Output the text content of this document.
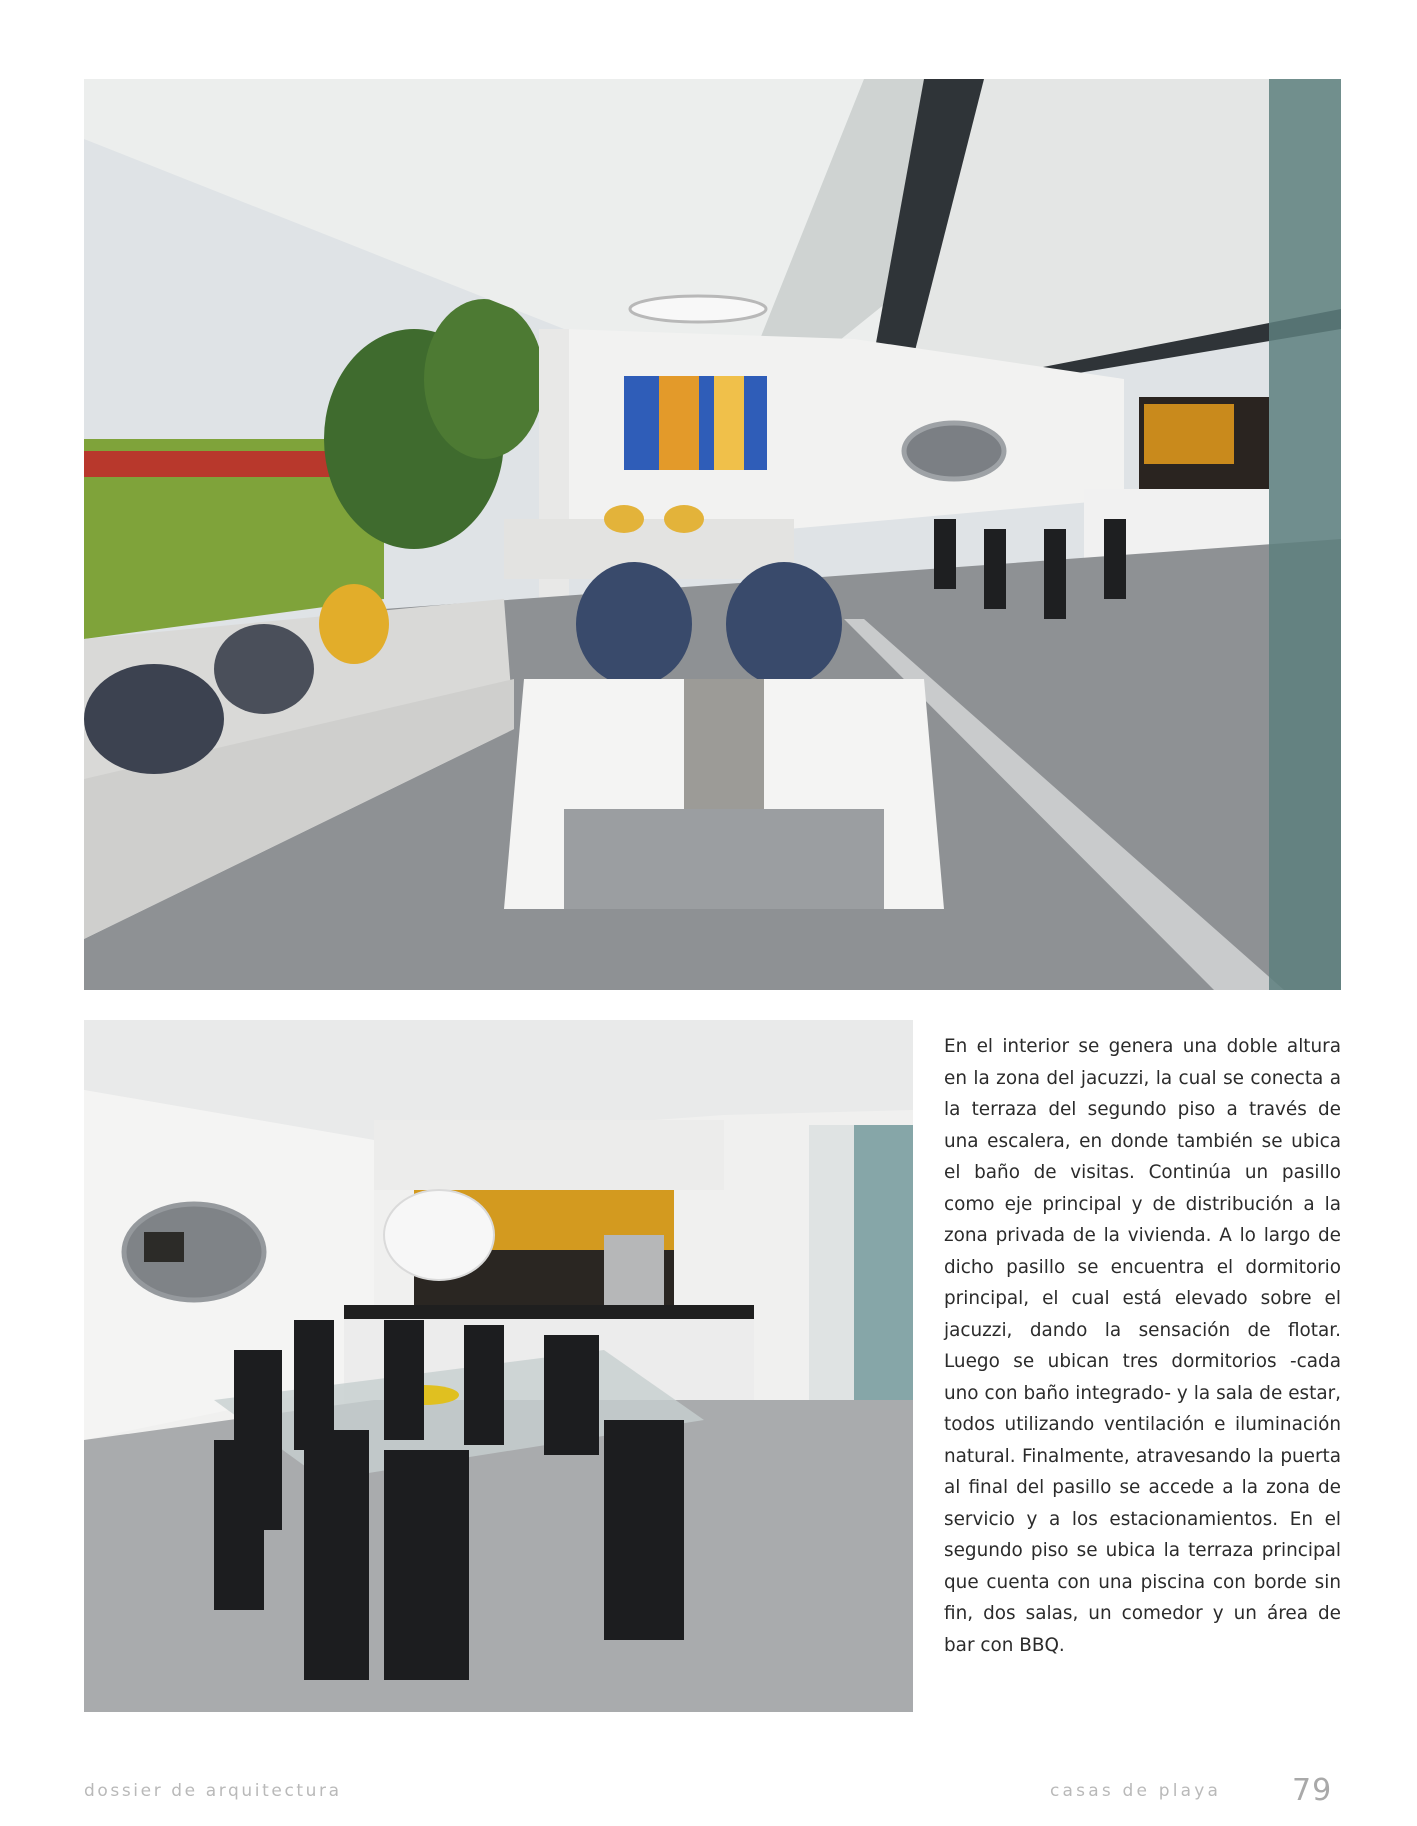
En el interior se genera una doble altura en la zona del jacuzzi, la cual se conecta a la terraza del segundo piso a través de una escalera, en donde también se ubica el baño de visitas. Continúa un pasillo como eje principal y de distribución a la zona privada de la vivienda. A lo largo de dicho pasillo se encuentra el dormitorio principal, el cual está elevado sobre el jacuzzi, dando la sensación de flotar. Luego se ubican tres dormitorios -cada uno con baño integrado- y la sala de estar, todos utilizando ventilación e iluminación natural. Finalmente, atravesando la puerta al final del pasillo se accede a la zona de servicio y a los estacionamientos. En el segundo piso se ubica la terraza principal que cuenta con una piscina con borde sin fin, dos salas, un comedor y un área de bar con BBQ.

dossier de arquitectura	casas de playa 79
